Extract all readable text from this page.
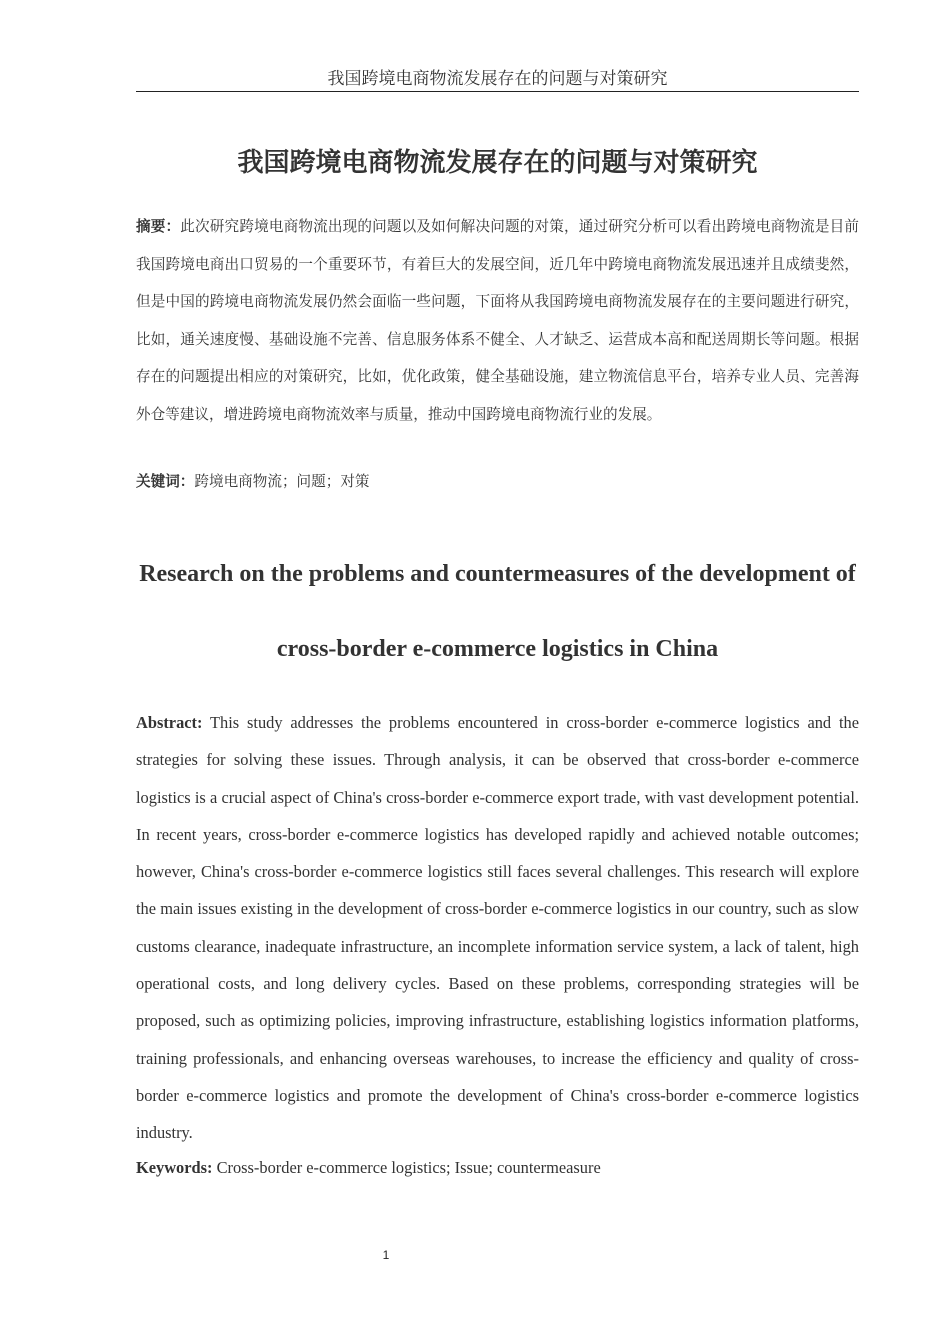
我国跨境电商物流发展存在的问题与对策研究
我国跨境电商物流发展存在的问题与对策研究
摘要：此次研究跨境电商物流出现的问题以及如何解决问题的对策，通过研究分析可以看出跨境电商物流是目前我国跨境电商出口贸易的一个重要环节，有着巨大的发展空间，近几年中跨境电商物流发展迅速并且成绩斐然，但是中国的跨境电商物流发展仍然会面临一些问题，下面将从我国跨境电商物流发展存在的主要问题进行研究，比如，通关速度慢、基础设施不完善、信息服务体系不健全、人才缺乏、运营成本高和配送周期长等问题。根据存在的问题提出相应的对策研究，比如，优化政策，健全基础设施，建立物流信息平台，培养专业人员、完善海外仓等建议，增进跨境电商物流效率与质量，推动中国跨境电商物流行业的发展。
关键词：跨境电商物流；问题；对策
Research on the problems and countermeasures of the development of cross-border e-commerce logistics in China
Abstract: This study addresses the problems encountered in cross-border e-commerce logistics and the strategies for solving these issues. Through analysis, it can be observed that cross-border e-commerce logistics is a crucial aspect of China's cross-border e-commerce export trade, with vast development potential. In recent years, cross-border e-commerce logistics has developed rapidly and achieved notable outcomes; however, China's cross-border e-commerce logistics still faces several challenges. This research will explore the main issues existing in the development of cross-border e-commerce logistics in our country, such as slow customs clearance, inadequate infrastructure, an incomplete information service system, a lack of talent, high operational costs, and long delivery cycles. Based on these problems, corresponding strategies will be proposed, such as optimizing policies, improving infrastructure, establishing logistics information platforms, training professionals, and enhancing overseas warehouses, to increase the efficiency and quality of cross-border e-commerce logistics and promote the development of China's cross-border e-commerce logistics industry.
Keywords: Cross-border e-commerce logistics; Issue; countermeasure
1
